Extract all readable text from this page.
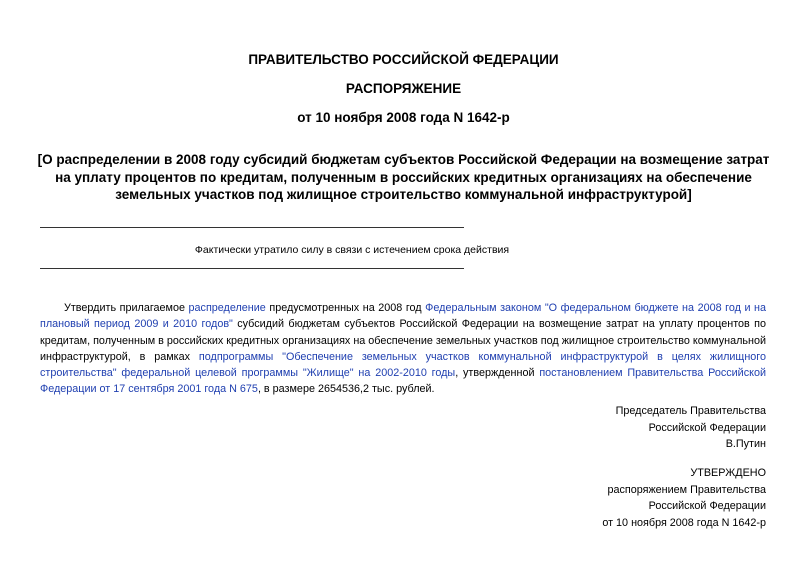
ПРАВИТЕЛЬСТВО РОССИЙСКОЙ ФЕДЕРАЦИИ
РАСПОРЯЖЕНИЕ
от 10 ноября 2008 года N 1642-р
[О распределении в 2008 году субсидий бюджетам субъектов Российской Федерации на возмещение затрат на уплату процентов по кредитам, полученным в российских кредитных организациях на обеспечение земельных участков под жилищное строительство коммунальной инфраструктурой]
Фактически утратило силу в связи с истечением срока действия

Утвердить прилагаемое распределение предусмотренных на 2008 год Федеральным законом "О федеральном бюджете на 2008 год и на плановый период 2009 и 2010 годов" субсидий бюджетам субъектов Российской Федерации на возмещение затрат на уплату процентов по кредитам, полученным в российских кредитных организациях на обеспечение земельных участков под жилищное строительство коммунальной инфраструктурой, в рамках подпрограммы "Обеспечение земельных участков коммунальной инфраструктурой в целях жилищного строительства" федеральной целевой программы "Жилище" на 2002-2010 годы, утвержденной постановлением Правительства Российской Федерации от 17 сентября 2001 года N 675, в размере 2654536,2 тыс. рублей.

Председатель Правительства
Российской Федерации
В.Путин
УТВЕРЖДЕНО
распоряжением Правительства
Российской Федерации
от 10 ноября 2008 года N 1642-р
